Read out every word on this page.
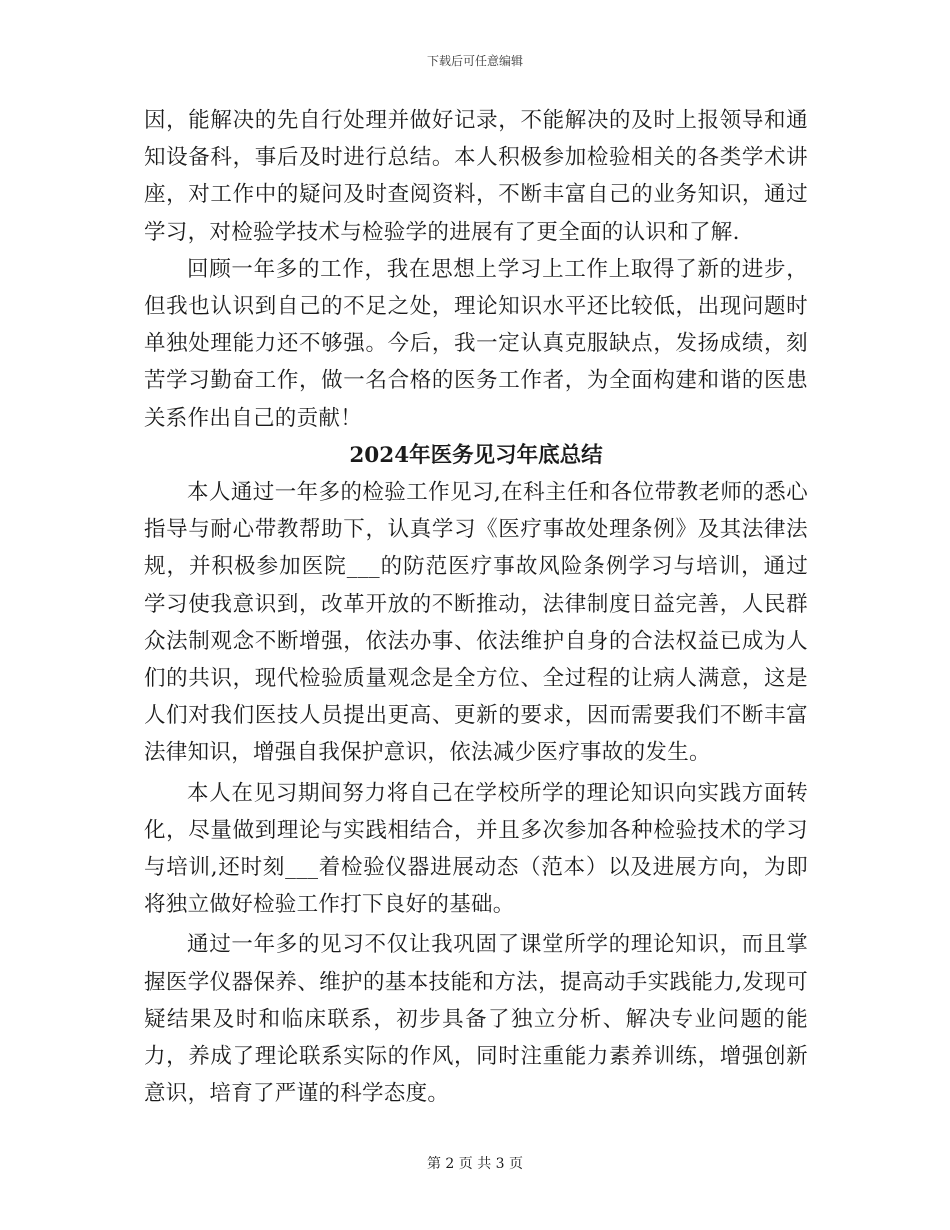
下载后可任意编辑

因，能解决的先自行处理并做好记录，不能解决的及时上报领导和通知设备科，事后及时进行总结。本人积极参加检验相关的各类学术讲座，对工作中的疑问及时查阅资料，不断丰富自己的业务知识，通过学习，对检验学技术与检验学的进展有了更全面的认识和了解.

回顾一年多的工作，我在思想上学习上工作上取得了新的进步，但我也认识到自己的不足之处，理论知识水平还比较低，出现问题时单独处理能力还不够强。今后，我一定认真克服缺点，发扬成绩，刻苦学习勤奋工作，做一名合格的医务工作者，为全面构建和谐的医患关系作出自己的贡献！

2024年医务见习年底总结

本人通过一年多的检验工作见习,在科主任和各位带教老师的悉心指导与耐心带教帮助下，认真学习《医疗事故处理条例》及其法律法规，并积极参加医院___的防范医疗事故风险条例学习与培训，通过学习使我意识到，改革开放的不断推动，法律制度日益完善，人民群众法制观念不断增强，依法办事、依法维护自身的合法权益已成为人们的共识，现代检验质量观念是全方位、全过程的让病人满意，这是人们对我们医技人员提出更高、更新的要求，因而需要我们不断丰富法律知识，增强自我保护意识，依法减少医疗事故的发生。

本人在见习期间努力将自己在学校所学的理论知识向实践方面转化，尽量做到理论与实践相结合，并且多次参加各种检验技术的学习与培训,还时刻___着检验仪器进展动态（范本）以及进展方向，为即将独立做好检验工作打下良好的基础。

通过一年多的见习不仅让我巩固了课堂所学的理论知识，而且掌握医学仪器保养、维护的基本技能和方法，提高动手实践能力,发现可疑结果及时和临床联系，初步具备了独立分析、解决专业问题的能力，养成了理论联系实际的作风，同时注重能力素养训练，增强创新意识，培育了严谨的科学态度。

第 2 页 共 3 页
